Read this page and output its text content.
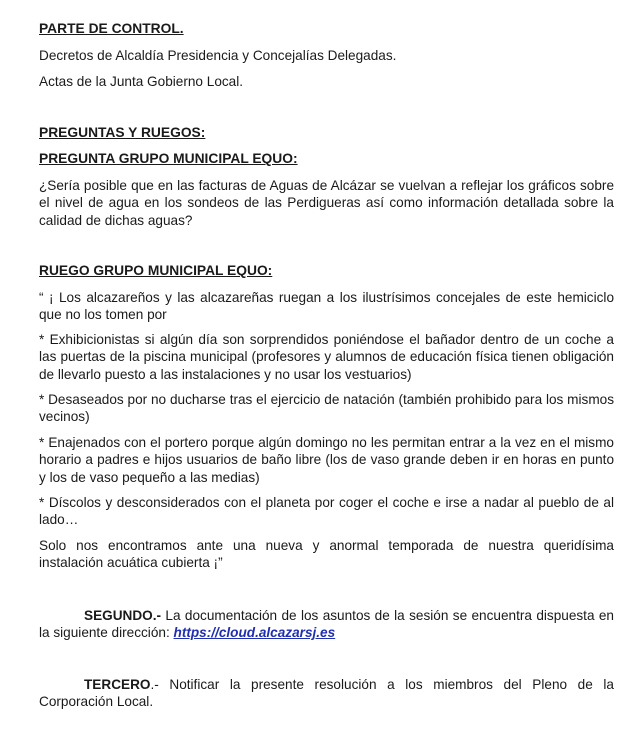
PARTE DE CONTROL.
Decretos de Alcaldía Presidencia y Concejalías Delegadas.
Actas de la Junta Gobierno Local.
PREGUNTAS Y RUEGOS:
PREGUNTA GRUPO MUNICIPAL EQUO:
¿Sería posible que en las facturas de Aguas de Alcázar se vuelvan a reflejar los gráficos sobre el nivel de agua en los sondeos de las Perdigueras así como información detallada sobre la calidad de dichas aguas?
RUEGO GRUPO MUNICIPAL EQUO:
“ ¡ Los alcazareños y las alcazareñas ruegan a los ilustrísimos concejales de este hemiciclo que no los tomen por
* Exhibicionistas si algún día son sorprendidos poniéndose el bañador dentro de un coche a las puertas de la piscina municipal (profesores y alumnos de educación física tienen obligación de llevarlo puesto a las instalaciones y no usar los vestuarios)
* Desaseados por no ducharse tras el ejercicio de natación (también prohibido para los mismos vecinos)
* Enajenados con el portero porque algún domingo no les permitan entrar a la vez en el mismo horario a padres e hijos usuarios de baño libre (los de vaso grande deben ir en horas en punto y los de vaso pequeño a las medias)
* Díscolos y desconsiderados con el planeta por coger el coche e irse a nadar al pueblo de al lado…
Solo nos encontramos ante una nueva y anormal temporada de nuestra queridísima instalación acuática cubierta ¡”
SEGUNDO.- La documentación de los asuntos de la sesión se encuentra dispuesta en la siguiente dirección: https://cloud.alcazarsj.es
TERCERO.- Notificar la presente resolución a los miembros del Pleno de la Corporación Local.
